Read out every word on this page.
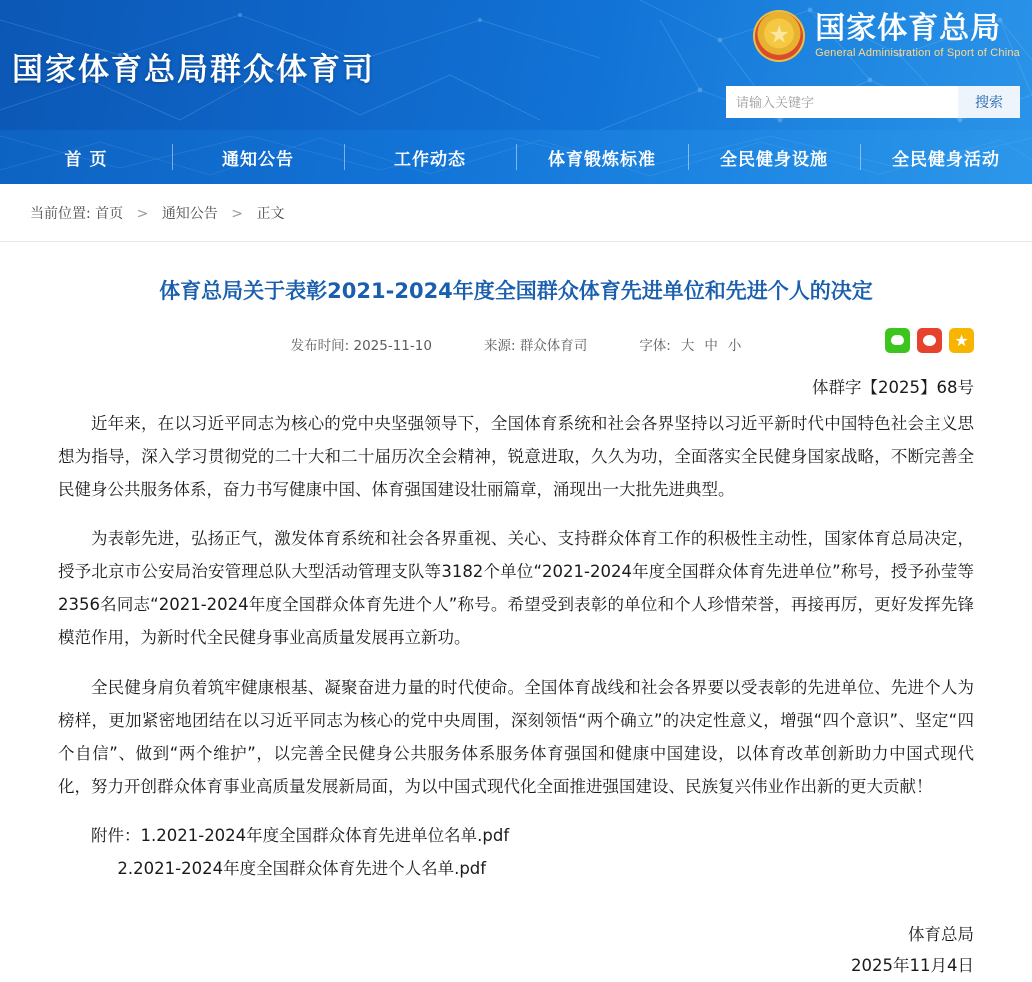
国家体育总局群众体育司
★
国家体育总局
General Administration of Sport of China
请输入关键字
搜索
首 页	通知公告	工作动态	体育锻炼标准	全民健身设施	全民健身活动
当前位置: 首页 > 通知公告 > 正文
体育总局关于表彰2021-2024年度全国群众体育先进单位和先进个人的决定
发布时间: 2025-11-10	来源: 群众体育司	字体: 大 中 小	★
体群字【2025】68号

近年来，在以习近平同志为核心的党中央坚强领导下，全国体育系统和社会各界坚持以习近平新时代中国特色社会主义思想为指导，深入学习贯彻党的二十大和二十届历次全会精神，锐意进取，久久为功，全面落实全民健身国家战略，不断完善全民健身公共服务体系，奋力书写健康中国、体育强国建设壮丽篇章，涌现出一大批先进典型。

为表彰先进，弘扬正气，激发体育系统和社会各界重视、关心、支持群众体育工作的积极性主动性，国家体育总局决定，授予北京市公安局治安管理总队大型活动管理支队等3182个单位“2021-2024年度全国群众体育先进单位”称号，授予孙莹等2356名同志“2021-2024年度全国群众体育先进个人”称号。希望受到表彰的单位和个人珍惜荣誉，再接再厉，更好发挥先锋模范作用，为新时代全民健身事业高质量发展再立新功。

全民健身肩负着筑牢健康根基、凝聚奋进力量的时代使命。全国体育战线和社会各界要以受表彰的先进单位、先进个人为榜样，更加紧密地团结在以习近平同志为核心的党中央周围，深刻领悟“两个确立”的决定性意义，增强“四个意识”、坚定“四个自信”、做到“两个维护”，以完善全民健身公共服务体系服务体育强国和健康中国建设，以体育改革创新助力中国式现代化，努力开创群众体育事业高质量发展新局面，为以中国式现代化全面推进强国建设、民族复兴伟业作出新的更大贡献！

附件：1.2021-2024年度全国群众体育先进单位名单.pdf
2.2021-2024年度全国群众体育先进个人名单.pdf
体育总局
2025年11月4日
